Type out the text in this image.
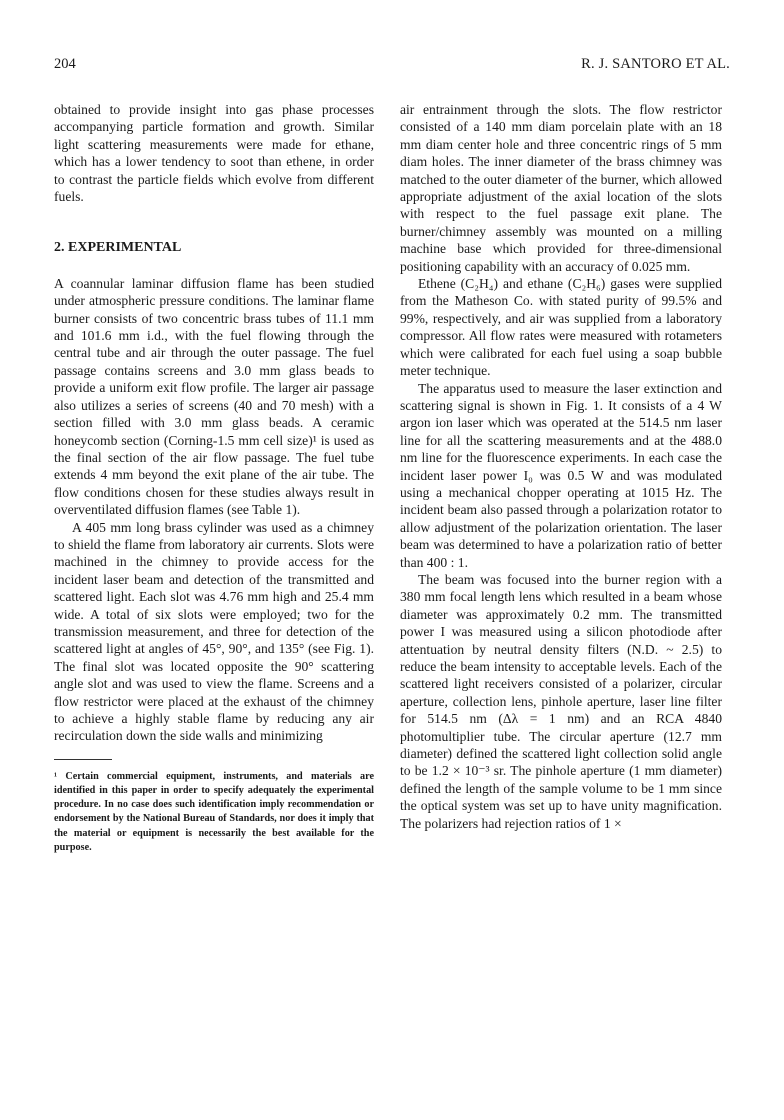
204	R. J. SANTORO ET AL.

obtained to provide insight into gas phase processes accompanying particle formation and growth. Similar light scattering measurements were made for ethane, which has a lower tendency to soot than ethene, in order to contrast the particle fields which evolve from different fuels.

2. EXPERIMENTAL

A coannular laminar diffusion flame has been studied under atmospheric pressure conditions. The laminar flame burner consists of two concentric brass tubes of 11.1 mm and 101.6 mm i.d., with the fuel flowing through the central tube and air through the outer passage. The fuel passage contains screens and 3.0 mm glass beads to provide a uniform exit flow profile. The larger air passage also utilizes a series of screens (40 and 70 mesh) with a section filled with 3.0 mm glass beads. A ceramic honeycomb section (Corning-1.5 mm cell size)¹ is used as the final section of the air flow passage. The fuel tube extends 4 mm beyond the exit plane of the air tube. The flow conditions chosen for these studies always result in overventilated diffusion flames (see Table 1).

A 405 mm long brass cylinder was used as a chimney to shield the flame from laboratory air currents. Slots were machined in the chimney to provide access for the incident laser beam and detection of the transmitted and scattered light. Each slot was 4.76 mm high and 25.4 mm wide. A total of six slots were employed; two for the transmission measurement, and three for detection of the scattered light at angles of 45°, 90°, and 135° (see Fig. 1). The final slot was located opposite the 90° scattering angle slot and was used to view the flame. Screens and a flow restrictor were placed at the exhaust of the chimney to achieve a highly stable flame by reducing any air recirculation down the side walls and minimizing

¹ Certain commercial equipment, instruments, and materials are identified in this paper in order to specify adequately the experimental procedure. In no case does such identification imply recommendation or endorsement by the National Bureau of Standards, nor does it imply that the material or equipment is necessarily the best available for the purpose.

air entrainment through the slots. The flow restrictor consisted of a 140 mm diam porcelain plate with an 18 mm diam center hole and three concentric rings of 5 mm diam holes. The inner diameter of the brass chimney was matched to the outer diameter of the burner, which allowed appropriate adjustment of the axial location of the slots with respect to the fuel passage exit plane. The burner/chimney assembly was mounted on a milling machine base which provided for three-dimensional positioning capability with an accuracy of 0.025 mm.

Ethene (C₂H₄) and ethane (C₂H₆) gases were supplied from the Matheson Co. with stated purity of 99.5% and 99%, respectively, and air was supplied from a laboratory compressor. All flow rates were measured with rotameters which were calibrated for each fuel using a soap bubble meter technique.

The apparatus used to measure the laser extinction and scattering signal is shown in Fig. 1. It consists of a 4 W argon ion laser which was operated at the 514.5 nm laser line for all the scattering measurements and at the 488.0 nm line for the fluorescence experiments. In each case the incident laser power I₀ was 0.5 W and was modulated using a mechanical chopper operating at 1015 Hz. The incident beam also passed through a polarization rotator to allow adjustment of the polarization orientation. The laser beam was determined to have a polarization ratio of better than 400 : 1.

The beam was focused into the burner region with a 380 mm focal length lens which resulted in a beam whose diameter was approximately 0.2 mm. The transmitted power I was measured using a silicon photodiode after attentuation by neutral density filters (N.D. ~ 2.5) to reduce the beam intensity to acceptable levels. Each of the scattered light receivers consisted of a polarizer, circular aperture, collection lens, pinhole aperture, laser line filter for 514.5 nm (Δλ = 1 nm) and an RCA 4840 photomultiplier tube. The circular aperture (12.7 mm diameter) defined the scattered light collection solid angle to be 1.2 × 10⁻³ sr. The pinhole aperture (1 mm diameter) defined the length of the sample volume to be 1 mm since the optical system was set up to have unity magnification. The polarizers had rejection ratios of 1 ×
